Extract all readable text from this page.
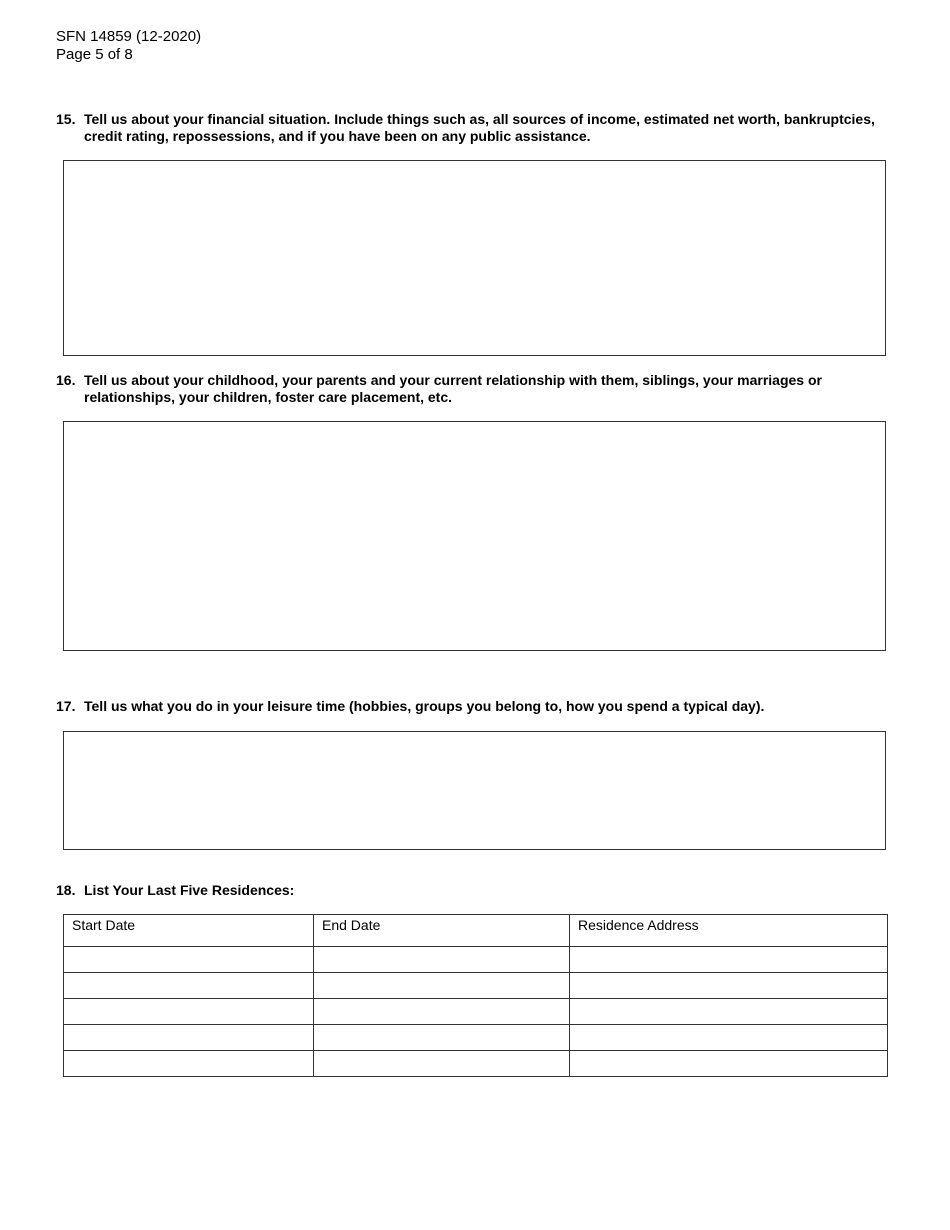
SFN 14859 (12-2020)
Page 5 of 8
15. Tell us about your financial situation. Include things such as, all sources of income, estimated net worth, bankruptcies, credit rating, repossessions, and if you have been on any public assistance.
16. Tell us about your childhood, your parents and your current relationship with them, siblings, your marriages or relationships, your children, foster care placement, etc.
17. Tell us what you do in your leisure time (hobbies, groups you belong to, how you spend a typical day).
18. List Your Last Five Residences:
Start Date	End Date	Residence Address
